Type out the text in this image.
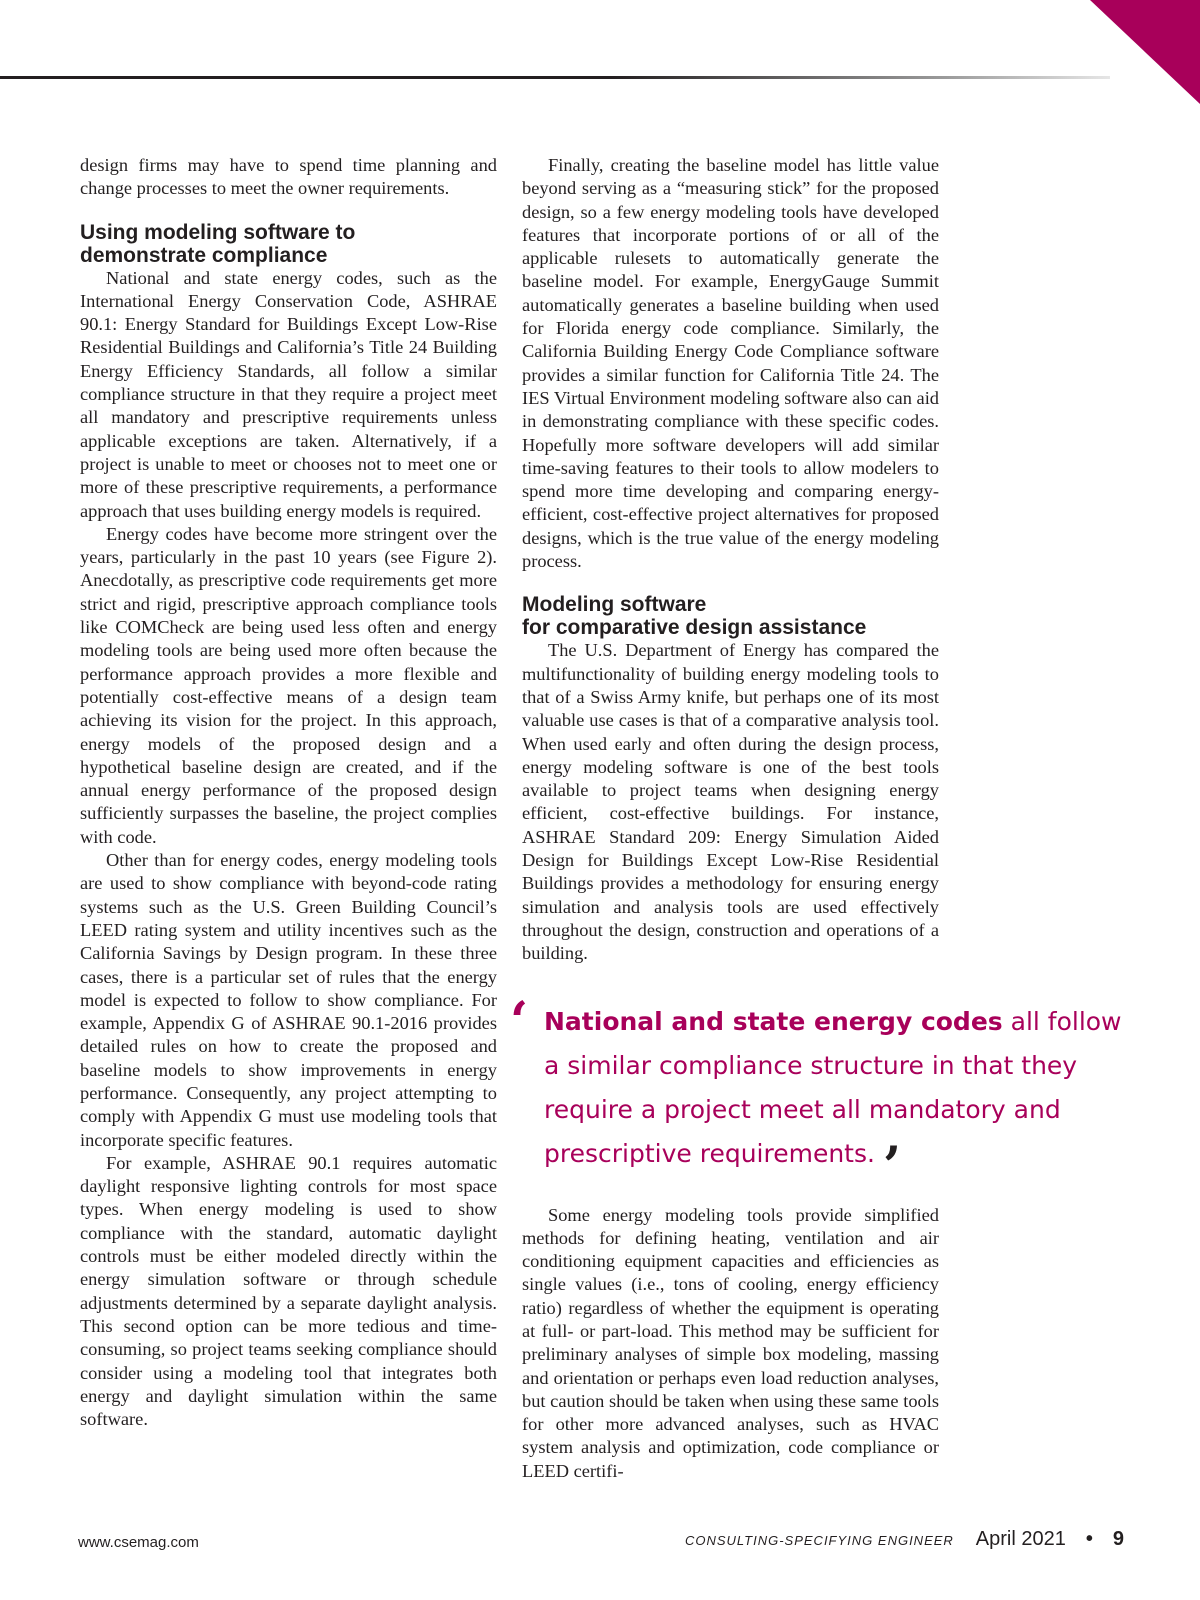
design firms may have to spend time planning and change processes to meet the owner requirements.

Using modeling software to
demonstrate compliance

National and state energy codes, such as the International Energy Conservation Code, ASHRAE 90.1: Energy Standard for Buildings Except Low-Rise Residential Buildings and California’s Title 24 Building Energy Efficiency Standards, all follow a similar compliance structure in that they require a project meet all mandatory and prescriptive requirements unless applicable exceptions are taken. Alternatively, if a project is unable to meet or chooses not to meet one or more of these prescriptive requirements, a performance approach that uses building energy models is required.

Energy codes have become more stringent over the years, particularly in the past 10 years (see Figure 2). Anecdotally, as prescriptive code requirements get more strict and rigid, prescriptive approach compliance tools like COMCheck are being used less often and energy modeling tools are being used more often because the performance approach provides a more flexible and potentially cost-effective means of a design team achieving its vision for the project. In this approach, energy models of the proposed design and a hypothetical baseline design are created, and if the annual energy performance of the proposed design sufficiently surpasses the baseline, the project complies with code.

Other than for energy codes, energy modeling tools are used to show compliance with beyond-code rating systems such as the U.S. Green Building Council’s LEED rating system and utility incentives such as the California Savings by Design program. In these three cases, there is a particular set of rules that the energy model is expected to follow to show compliance. For example, Appendix G of ASHRAE 90.1-2016 provides detailed rules on how to create the proposed and baseline models to show improvements in energy performance. Consequently, any project attempting to comply with Appendix G must use modeling tools that incorporate specific features.

For example, ASHRAE 90.1 requires automatic daylight responsive lighting controls for most space types. When energy modeling is used to show compliance with the standard, automatic daylight controls must be either modeled directly within the energy simulation software or through schedule adjustments determined by a separate daylight analysis. This second option can be more tedious and time-consuming, so project teams seeking compliance should consider using a modeling tool that integrates both energy and daylight simulation within the same software.

Finally, creating the baseline model has little value beyond serving as a “measuring stick” for the proposed design, so a few energy modeling tools have developed features that incorporate portions of or all of the applicable rulesets to automatically generate the baseline model. For example, EnergyGauge Summit automatically generates a baseline building when used for Florida energy code compliance. Similarly, the California Building Energy Code Compliance software provides a similar function for California Title 24. The IES Virtual Environment modeling software also can aid in demonstrating compliance with these specific codes. Hopefully more software developers will add similar time-saving features to their tools to allow modelers to spend more time developing and comparing energy-efficient, cost-effective project alternatives for proposed designs, which is the true value of the energy modeling process.

Modeling software
for comparative design assistance

The U.S. Department of Energy has compared the multifunctionality of building energy modeling tools to that of a Swiss Army knife, but perhaps one of its most valuable use cases is that of a comparative analysis tool. When used early and often during the design process, energy modeling software is one of the best tools available to project teams when designing energy efficient, cost-effective buildings. For instance, ASHRAE Standard 209: Energy Simulation Aided Design for Buildings Except Low-Rise Residential Buildings provides a methodology for ensuring energy simulation and analysis tools are used effectively throughout the design, construction and operations of a building.

‘ National and state energy codes all follow a similar compliance structure in that they require a project meet all mandatory and prescriptive requirements. ’

Some energy modeling tools provide simplified methods for defining heating, ventilation and air conditioning equipment capacities and efficiencies as single values (i.e., tons of cooling, energy efficiency ratio) regardless of whether the equipment is operating at full- or part-load. This method may be sufficient for preliminary analyses of simple box modeling, massing and orientation or perhaps even load reduction analyses, but caution should be taken when using these same tools for other more advanced analyses, such as HVAC system analysis and optimization, code compliance or LEED certifi-

www.csemag.com	CONSULTING-SPECIFYING ENGINEER April 2021 • 9
